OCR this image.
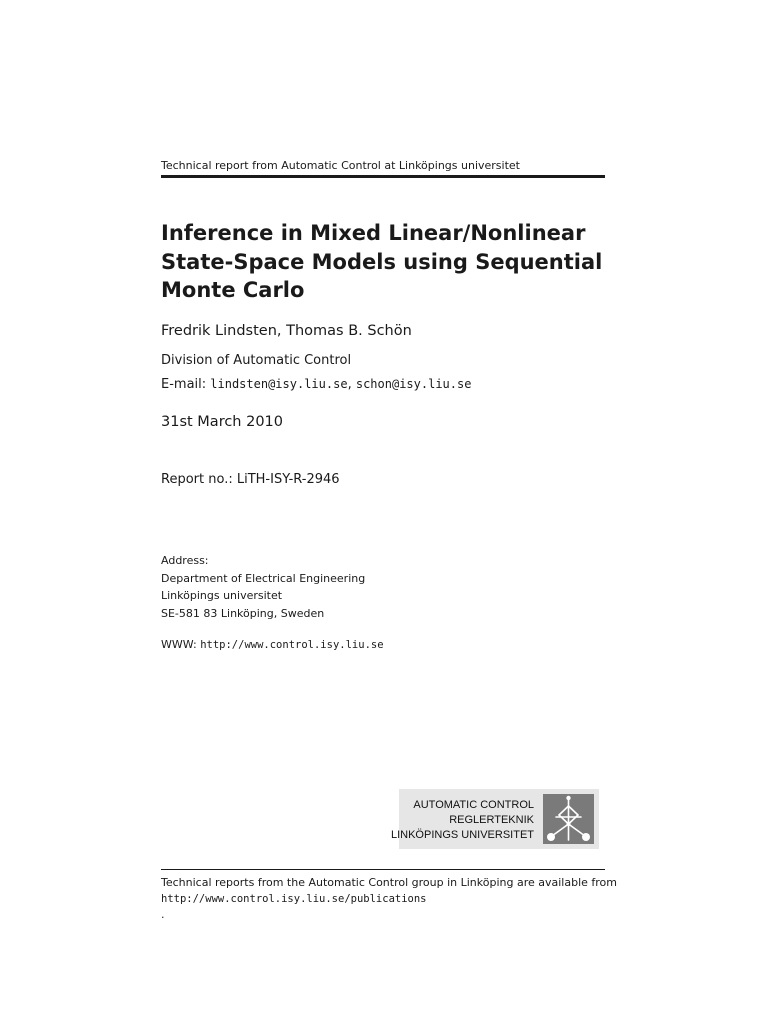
Technical report from Automatic Control at Linköpings universitet
Inference in Mixed Linear/Nonlinear
State-Space Models using Sequential
Monte Carlo
Fredrik Lindsten, Thomas B. Schön
Division of Automatic Control
E-mail: lindsten@isy.liu.se, schon@isy.liu.se
31st March 2010
Report no.: LiTH-ISY-R-2946
Address:
Department of Electrical Engineering
Linköpings universitet
SE-581 83 Linköping, Sweden
WWW: http://www.control.isy.liu.se
AUTOMATIC CONTROL
REGLERTEKNIK
LINKÖPINGS UNIVERSITET
Technical reports from the Automatic Control group in Linköping are available from
http://www.control.isy.liu.se/publications
.
